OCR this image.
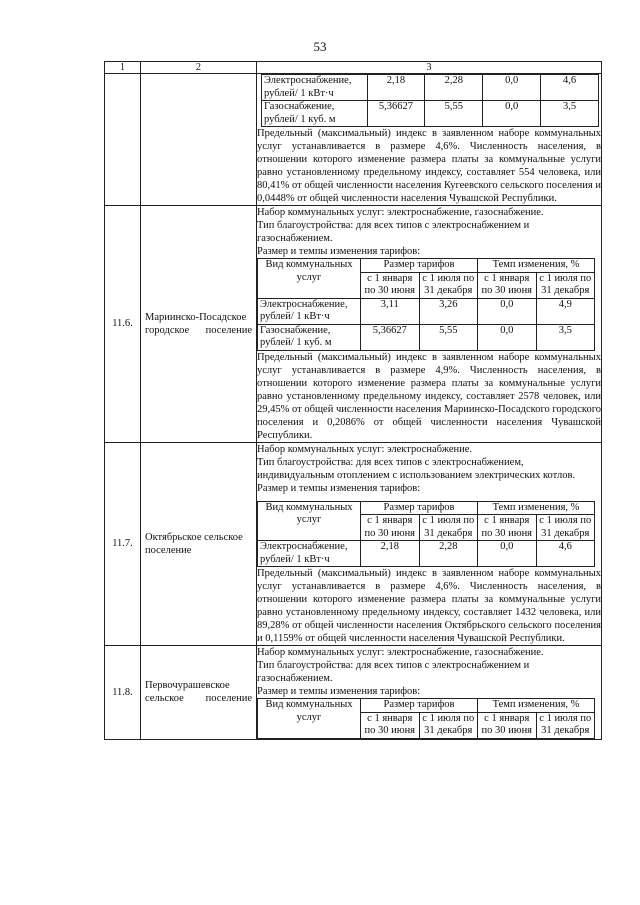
53
1	2	3

Электроснабжение, рублей/ 1 кВт·ч	2,18	2,28	0,0	4,6
Газоснабжение, рублей/ 1 куб. м	5,36627	5,55	0,0	3,5

Предельный (максимальный) индекс в заявленном наборе коммунальных услуг устанавливается в размере 4,6%. Численность населения, в отношении которого изменение размера платы за коммунальные услуги равно установленному предельному индексу, составляет 554 человека, или 80,41% от общей численности населения Кугеевского сельского поселения и 0,0448% от общей численности населения Чувашской Республики.

11.6.	Мариинско-Посадское городское поселение	
Набор коммунальных услуг: электроснабжение, газоснабжение.
Тип благоустройства: для всех типов с электроснабжением и газоснабжением.
Размер и темпы изменения тарифов:
Вид коммунальных услуг	Размер тарифов	Темп изменения, %
с 1 января по 30 июня	с 1 июля по 31 декабря	с 1 января по 30 июня	с 1 июля по 31 декабря
Электроснабжение, рублей/ 1 кВт·ч	3,11	3,26	0,0	4,9
Газоснабжение, рублей/ 1 куб. м	5,36627	5,55	0,0	3,5

Предельный (максимальный) индекс в заявленном наборе коммунальных услуг устанавливается в размере 4,9%. Численность населения, в отношении которого изменение размера платы за коммунальные услуги равно установленному предельному индексу, составляет 2578 человек, или 29,45% от общей численности населения Мариинско-Посадского городского поселения и 0,2086% от общей численности населения Чувашской Республики.

11.7.	Октябрьское сельское поселение	
Набор коммунальных услуг: электроснабжение.
Тип благоустройства: для всех типов с электроснабжением, индивидуальным отоплением с использованием электрических котлов.
Размер и темпы изменения тарифов:
Вид коммунальных услуг	Размер тарифов	Темп изменения, %
с 1 января по 30 июня	с 1 июля по 31 декабря	с 1 января по 30 июня	с 1 июля по 31 декабря
Электроснабжение, рублей/ 1 кВт·ч	2,18	2,28	0,0	4,6

Предельный (максимальный) индекс в заявленном наборе коммунальных услуг устанавливается в размере 4,6%. Численность населения, в отношении которого изменение размера платы за коммунальные услуги равно установленному предельному индексу, составляет 1432 человека, или 89,28% от общей численности населения Октябрьского сельского поселения и 0,1159% от общей численности населения Чувашской Республики.

11.8.	Первочурашевское сельское поселение	
Набор коммунальных услуг: электроснабжение, газоснабжение.
Тип благоустройства: для всех типов с электроснабжением и газоснабжением.
Размер и темпы изменения тарифов:
Вид коммунальных услуг	Размер тарифов	Темп изменения, %
с 1 января по 30 июня	с 1 июля по 31 декабря	с 1 января по 30 июня	с 1 июля по 31 декабря
